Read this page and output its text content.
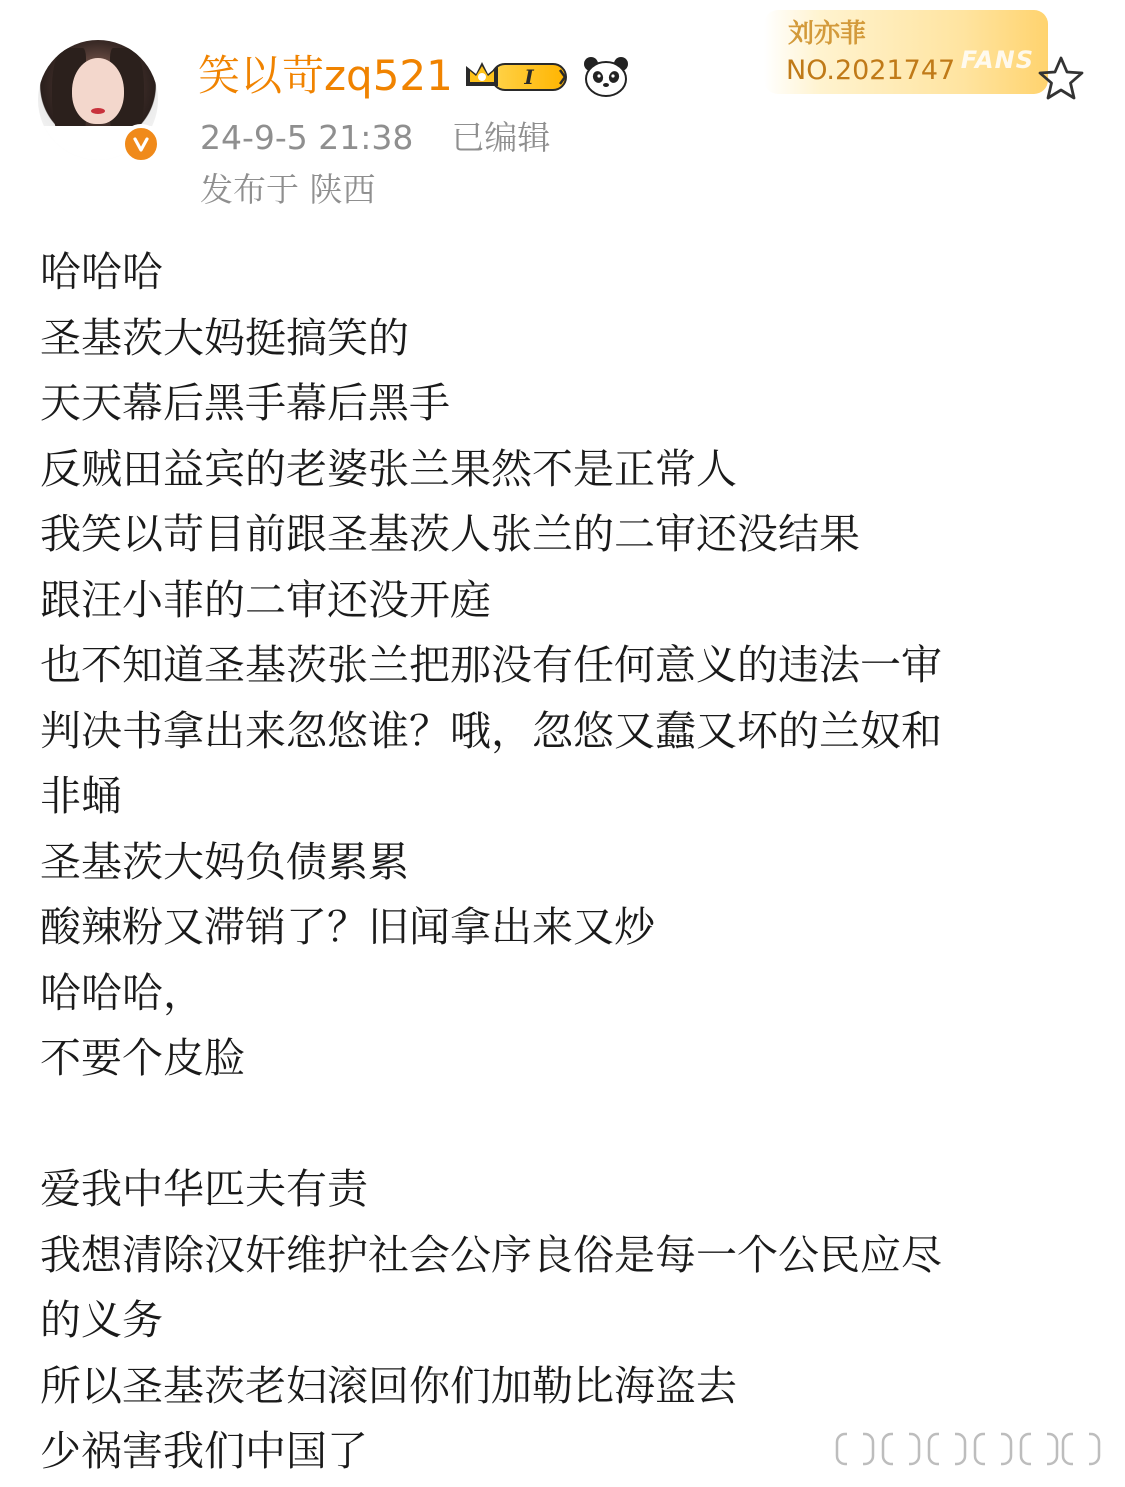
笑以苛zq521	I
24-9-5 21:38 已编辑
发布于 陕西
刘亦菲
NO.2021747 FANS
哈哈哈
圣基茨大妈挺搞笑的
天天幕后黑手幕后黑手
反贼田益宾的老婆张兰果然不是正常人
我笑以苛目前跟圣基茨人张兰的二审还没结果
跟汪小菲的二审还没开庭
也不知道圣基茨张兰把那没有任何意义的违法一审
判决书拿出来忽悠谁？哦，忽悠又蠢又坏的兰奴和
非蛹
圣基茨大妈负债累累
酸辣粉又滞销了？旧闻拿出来又炒
哈哈哈，
不要个皮脸
爱我中华匹夫有责
我想清除汉奸维护社会公序良俗是每一个公民应尽
的义务
所以圣基茨老妇滚回你们加勒比海盗去
少祸害我们中国了
